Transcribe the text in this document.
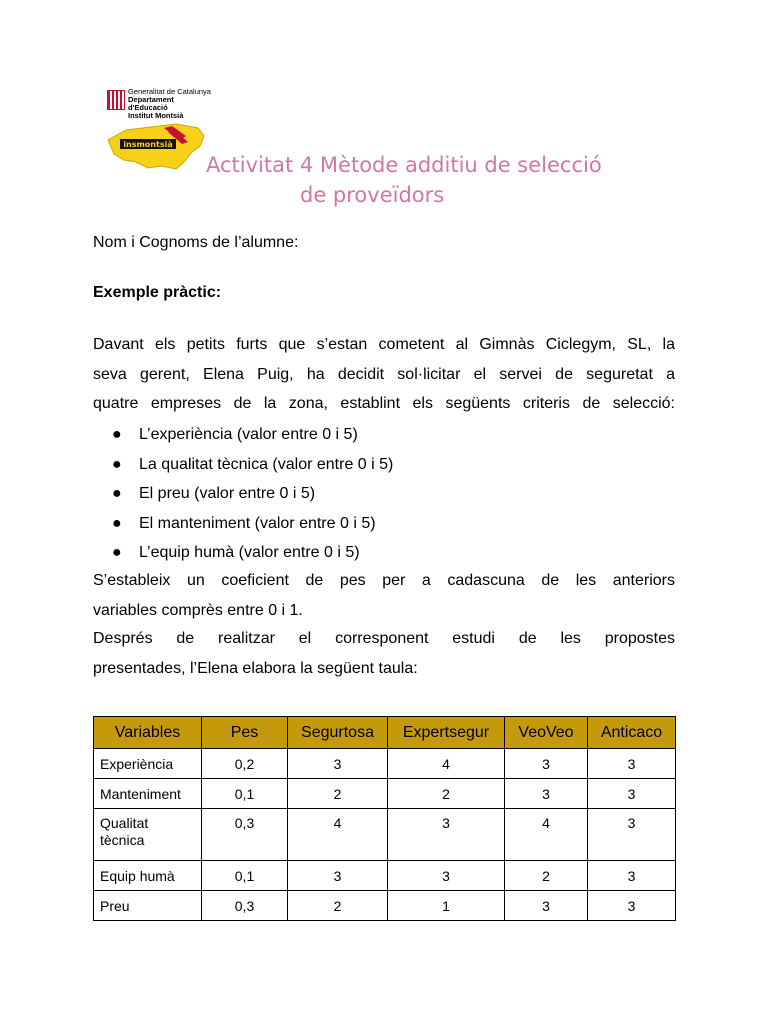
Generalitat de Catalunya
Departament
d'Educació
Institut Montsià
insmontsià
Activitat 4 Mètode additiu de selecció
de proveïdors
Nom i Cognoms de l’alumne:
Exemple pràctic:
Davant els petits furts que s’estan cometent al Gimnàs Ciclegym, SL, la
seva gerent, Elena Puig, ha decidit sol·licitar el servei de seguretat a
quatre empreses de la zona, establint els següents criteris de selecció:
● L’experiència (valor entre 0 i 5)
● La qualitat tècnica (valor entre 0 i 5)
● El preu (valor entre 0 i 5)
● El manteniment (valor entre 0 i 5)
● L’equip humà (valor entre 0 i 5)
S’estableix un coeficient de pes per a cadascuna de les anteriors
variables comprès entre 0 i 1.
Després de realitzar el corresponent estudi de les propostes
presentades, l’Elena elabora la següent taula:
Variables	Pes	Segurtosa	Expertsegur	VeoVeo	Anticaco
Experiència	0,2	3	4	3	3
Manteniment	0,1	2	2	3	3
Qualitat
tècnica	0,3	4	3	4	3
Equip humà	0,1	3	3	2	3
Preu	0,3	2	1	3	3
